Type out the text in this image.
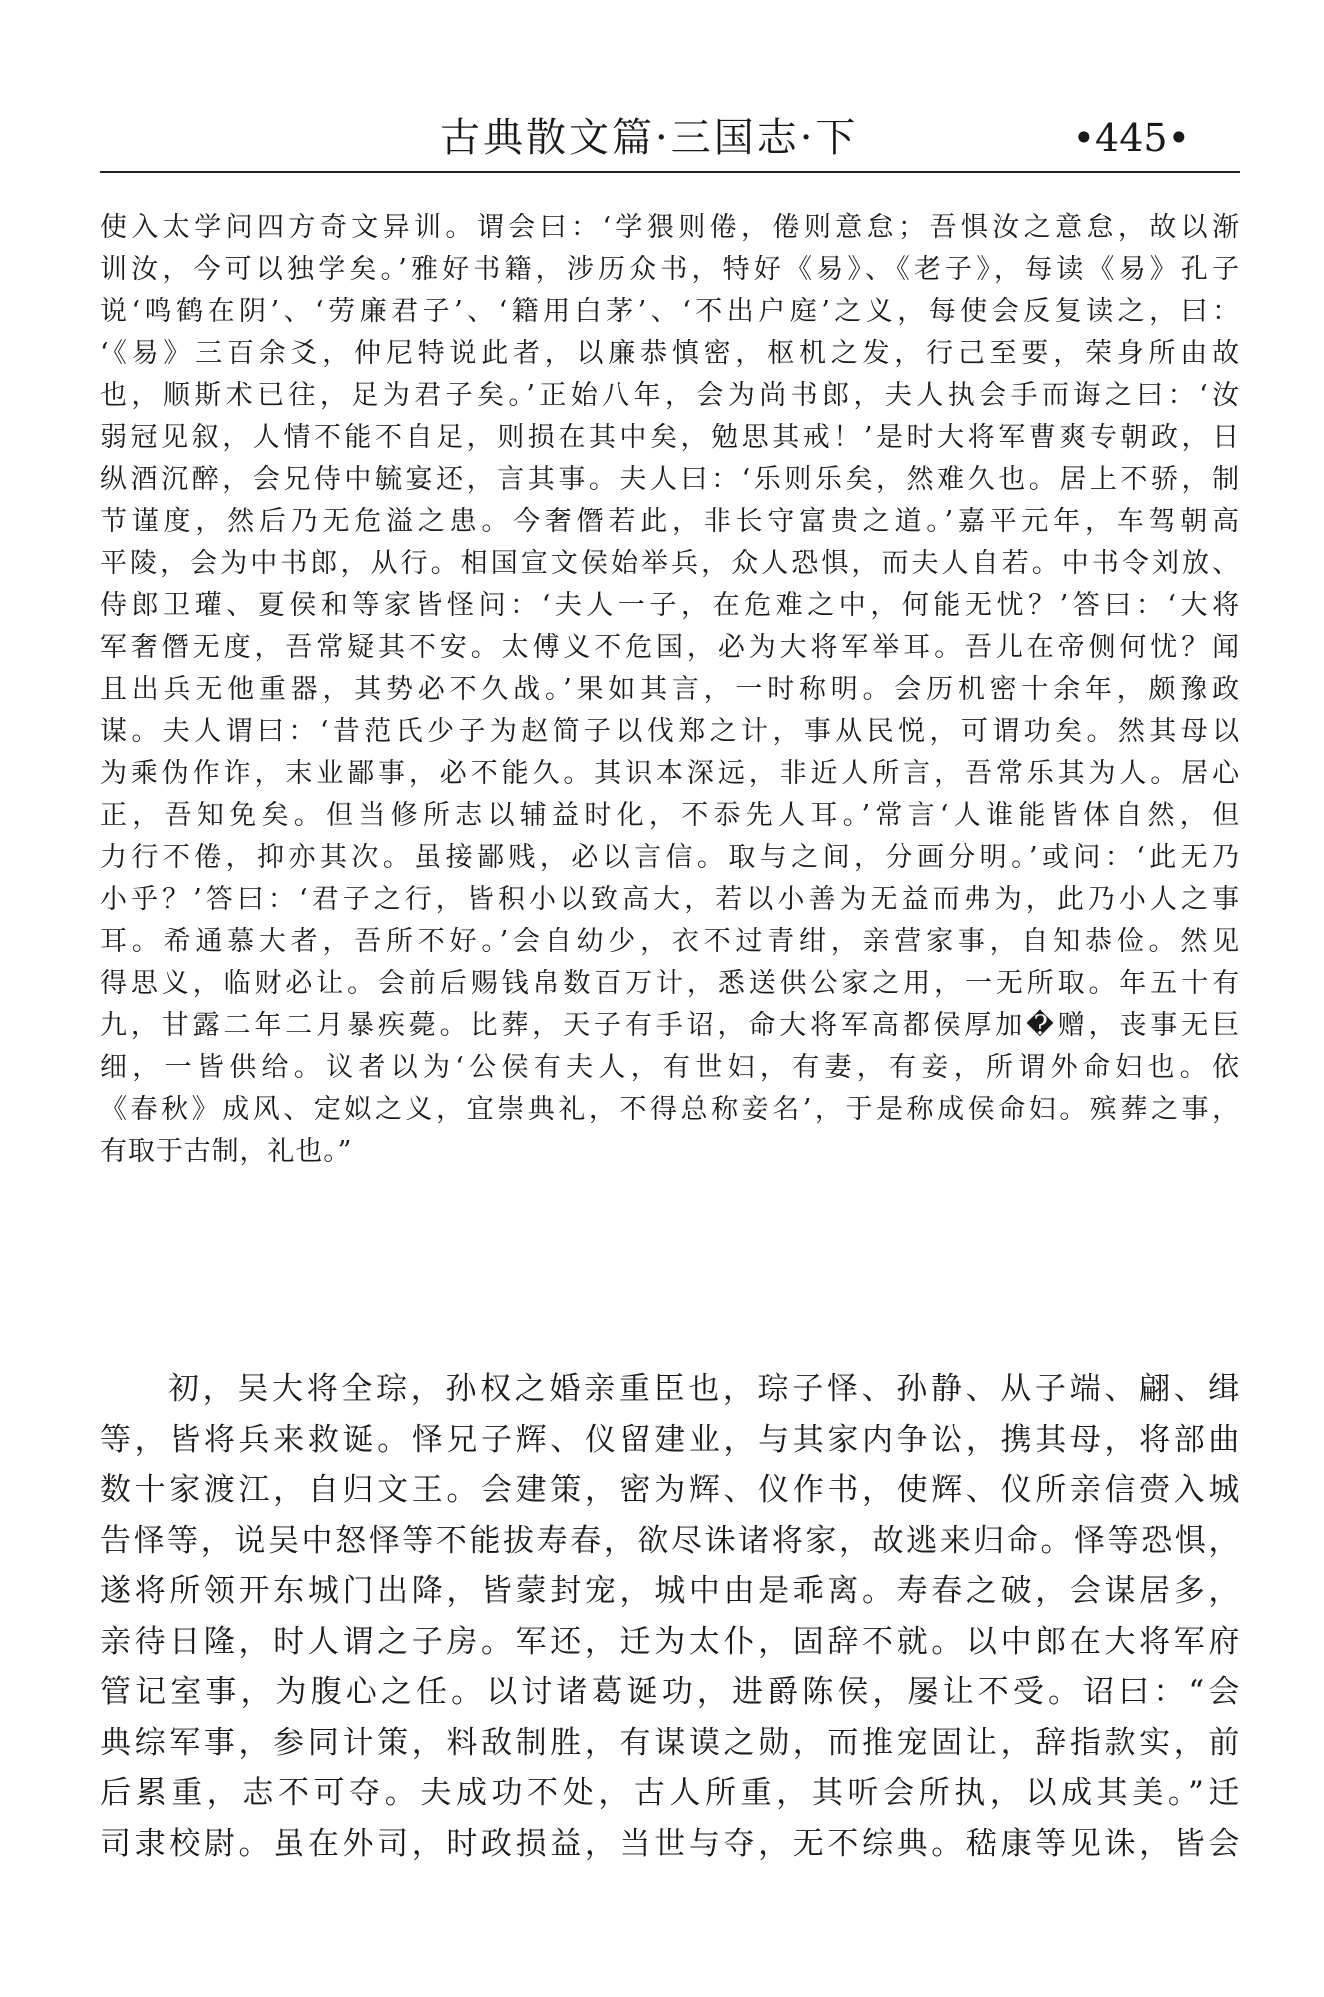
古典散文篇·三国志·下	•445•
使入太学问四方奇文异训。谓会曰：‘学猥则倦，倦则意怠；吾惧汝之意怠，故以渐
训汝，今可以独学矣。’雅好书籍，涉历众书，特好《易》、《老子》，每读《易》孔子
说‘鸣鹤在阴’、‘劳廉君子’、‘籍用白茅’、‘不出户庭’之义，每使会反复读之，曰：
‘《易》三百余爻，仲尼特说此者，以廉恭慎密，枢机之发，行己至要，荣身所由故
也，顺斯术已往，足为君子矣。’正始八年，会为尚书郎，夫人执会手而诲之曰：‘汝
弱冠见叙，人情不能不自足，则损在其中矣，勉思其戒！’是时大将军曹爽专朝政，日
纵酒沉醉，会兄侍中毓宴还，言其事。夫人曰：‘乐则乐矣，然难久也。居上不骄，制
节谨度，然后乃无危溢之患。今奢僭若此，非长守富贵之道。’嘉平元年，车驾朝高
平陵，会为中书郎，从行。相国宣文侯始举兵，众人恐惧，而夫人自若。中书令刘放、
侍郎卫瓘、夏侯和等家皆怪问：‘夫人一子，在危难之中，何能无忧？’答曰：‘大将
军奢僭无度，吾常疑其不安。太傅义不危国，必为大将军举耳。吾儿在帝侧何忧？闻
且出兵无他重器，其势必不久战。’果如其言，一时称明。会历机密十余年，颇豫政
谋。夫人谓曰：‘昔范氏少子为赵简子以伐郑之计，事从民悦，可谓功矣。然其母以
为乘伪作诈，末业鄙事，必不能久。其识本深远，非近人所言，吾常乐其为人。居心
正，吾知免矣。但当修所志以辅益时化，不忝先人耳。’常言‘人谁能皆体自然，但
力行不倦，抑亦其次。虽接鄙贱，必以言信。取与之间，分画分明。’或问：‘此无乃
小乎？’答曰：‘君子之行，皆积小以致高大，若以小善为无益而弗为，此乃小人之事
耳。希通慕大者，吾所不好。’会自幼少，衣不过青绀，亲营家事，自知恭俭。然见
得思义，临财必让。会前后赐钱帛数百万计，悉送供公家之用，一无所取。年五十有
九，甘露二年二月暴疾薨。比葬，天子有手诏，命大将军高都侯厚加�赠，丧事无巨
细，一皆供给。议者以为‘公侯有夫人，有世妇，有妻，有妾，所谓外命妇也。依
《春秋》成风、定姒之义，宜崇典礼，不得总称妾名’，于是称成侯命妇。殡葬之事，
有取于古制，礼也。”
初，吴大将全琮，孙权之婚亲重臣也，琮子怿、孙静、从子端、翩、缉
等，皆将兵来救诞。怿兄子辉、仪留建业，与其家内争讼，携其母，将部曲
数十家渡江，自归文王。会建策，密为辉、仪作书，使辉、仪所亲信赍入城
告怿等，说吴中怒怿等不能拔寿春，欲尽诛诸将家，故逃来归命。怿等恐惧，
遂将所领开东城门出降，皆蒙封宠，城中由是乖离。寿春之破，会谋居多，
亲待日隆，时人谓之子房。军还，迁为太仆，固辞不就。以中郎在大将军府
管记室事，为腹心之任。以讨诸葛诞功，进爵陈侯，屡让不受。诏曰：“会
典综军事，参同计策，料敌制胜，有谋谟之勋，而推宠固让，辞指款实，前
后累重，志不可夺。夫成功不处，古人所重，其听会所执，以成其美。”迁
司隶校尉。虽在外司，时政损益，当世与夺，无不综典。嵇康等见诛，皆会
